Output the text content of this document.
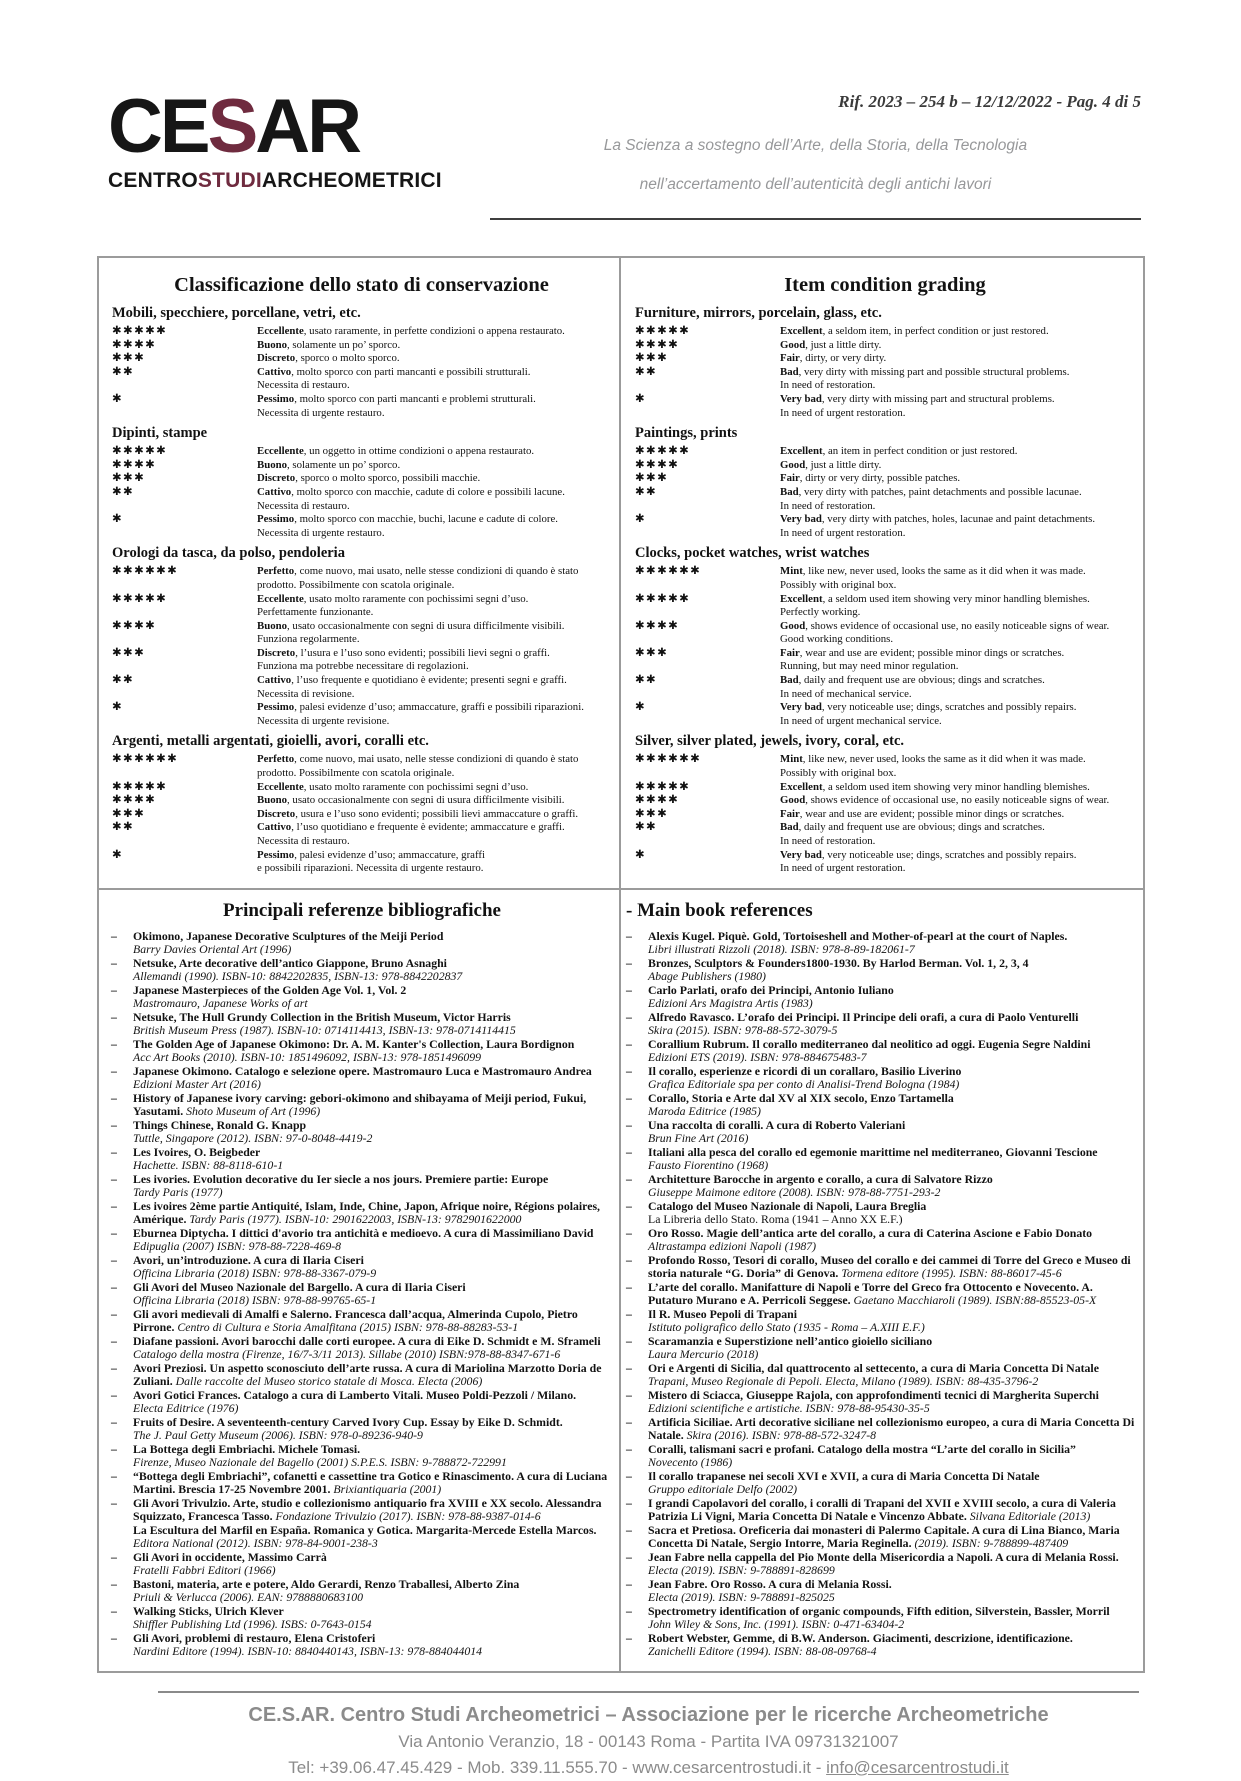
CESAR
CENTROSTUDIARCHEOMETRICI
Rif. 2023 – 254 b – 12/12/2022 - Pag. 4 di 5
La Scienza a sostegno dell’Arte, della Storia, della Tecnologia
nell’accertamento dell’autenticità degli antichi lavori
Classificazione dello stato di conservazione
Mobili, specchiere, porcellane, vetri, etc.
✱✱✱✱✱	Eccellente, usato raramente, in perfette condizioni o appena restaurato.
✱✱✱✱	Buono, solamente un po’ sporco.
✱✱✱	Discreto, sporco o molto sporco.
✱✱	Cattivo, molto sporco con parti mancanti e possibili strutturali.
Necessita di restauro.
✱	Pessimo, molto sporco con parti mancanti e problemi strutturali.
Necessita di urgente restauro.
Dipinti, stampe
✱✱✱✱✱	Eccellente, un oggetto in ottime condizioni o appena restaurato.
✱✱✱✱	Buono, solamente un po’ sporco.
✱✱✱	Discreto, sporco o molto sporco, possibili macchie.
✱✱	Cattivo, molto sporco con macchie, cadute di colore e possibili lacune.
Necessita di restauro.
✱	Pessimo, molto sporco con macchie, buchi, lacune e cadute di colore.
Necessita di urgente restauro.
Orologi da tasca, da polso, pendoleria
✱✱✱✱✱✱	Perfetto, come nuovo, mai usato, nelle stesse condizioni di quando è stato prodotto. Possibilmente con scatola originale.
✱✱✱✱✱	Eccellente, usato molto raramente con pochissimi segni d’uso.
Perfettamente funzionante.
✱✱✱✱	Buono, usato occasionalmente con segni di usura difficilmente visibili.
Funziona regolarmente.
✱✱✱	Discreto, l’usura e l’uso sono evidenti; possibili lievi segni o graffi.
Funziona ma potrebbe necessitare di regolazioni.
✱✱	Cattivo, l’uso frequente e quotidiano è evidente; presenti segni e graffi.
Necessita di revisione.
✱	Pessimo, palesi evidenze d’uso; ammaccature, graffi e possibili riparazioni.
Necessita di urgente revisione.
Argenti, metalli argentati, gioielli, avori, coralli etc.
✱✱✱✱✱✱	Perfetto, come nuovo, mai usato, nelle stesse condizioni di quando è stato prodotto. Possibilmente con scatola originale.
✱✱✱✱✱	Eccellente, usato molto raramente con pochissimi segni d’uso.
✱✱✱✱	Buono, usato occasionalmente con segni di usura difficilmente visibili.
✱✱✱	Discreto, usura e l’uso sono evidenti; possibili lievi ammaccature o graffi.
✱✱	Cattivo, l’uso quotidiano e frequente è evidente; ammaccature e graffi.
Necessita di restauro.
✱	Pessimo, palesi evidenze d’uso; ammaccature, graffi
e possibili riparazioni. Necessita di urgente restauro.
Item condition grading
Furniture, mirrors, porcelain, glass, etc.
✱✱✱✱✱	Excellent, a seldom item, in perfect condition or just restored.
✱✱✱✱	Good, just a little dirty.
✱✱✱	Fair, dirty, or very dirty.
✱✱	Bad, very dirty with missing part and possible structural problems.
In need of restoration.
✱	Very bad, very dirty with missing part and structural problems.
In need of urgent restoration.
Paintings, prints
✱✱✱✱✱	Excellent, an item in perfect condition or just restored.
✱✱✱✱	Good, just a little dirty.
✱✱✱	Fair, dirty or very dirty, possible patches.
✱✱	Bad, very dirty with patches, paint detachments and possible lacunae.
In need of restoration.
✱	Very bad, very dirty with patches, holes, lacunae and paint detachments.
In need of urgent restoration.
Clocks, pocket watches, wrist watches
✱✱✱✱✱✱	Mint, like new, never used, looks the same as it did when it was made.
Possibly with original box.
✱✱✱✱✱	Excellent, a seldom used item showing very minor handling blemishes.
Perfectly working.
✱✱✱✱	Good, shows evidence of occasional use, no easily noticeable signs of wear.
Good working conditions.
✱✱✱	Fair, wear and use are evident; possible minor dings or scratches.
Running, but may need minor regulation.
✱✱	Bad, daily and frequent use are obvious; dings and scratches.
In need of mechanical service.
✱	Very bad, very noticeable use; dings, scratches and possibly repairs.
In need of urgent mechanical service.
Silver, silver plated, jewels, ivory, coral, etc.
✱✱✱✱✱✱	Mint, like new, never used, looks the same as it did when it was made.
Possibly with original box.
✱✱✱✱✱	Excellent, a seldom used item showing very minor handling blemishes.
✱✱✱✱	Good, shows evidence of occasional use, no easily noticeable signs of wear.
✱✱✱	Fair, wear and use are evident; possible minor dings or scratches.
✱✱	Bad, daily and frequent use are obvious; dings and scratches.
In need of restoration.
✱	Very bad, very noticeable use; dings, scratches and possibly repairs.
In need of urgent restoration.
Principali referenze bibliografiche
–	Okimono, Japanese Decorative Sculptures of the Meiji Period
Barry Davies Oriental Art (1996)
–	Netsuke, Arte decorative dell’antico Giappone, Bruno Asnaghi
Allemandi (1990). ISBN-10: 8842202835, ISBN-13: 978-8842202837
–	Japanese Masterpieces of the Golden Age Vol. 1, Vol. 2
Mastromauro, Japanese Works of art
–	Netsuke, The Hull Grundy Collection in the British Museum, Victor Harris
British Museum Press (1987). ISBN-10: 0714114413, ISBN-13: 978-0714114415
–	The Golden Age of Japanese Okimono: Dr. A. M. Kanter's Collection, Laura Bordignon
Acc Art Books (2010). ISBN-10: 1851496092, ISBN-13: 978-1851496099
–	Japanese Okimono. Catalogo e selezione opere. Mastromauro Luca e Mastromauro Andrea
Edizioni Master Art (2016)
–	History of Japanese ivory carving: gebori-okimono and shibayama of Meiji period, Fukui, Yasutami. Shoto Museum of Art (1996)
–	Things Chinese, Ronald G. Knapp
Tuttle, Singapore (2012). ISBN: 97-0-8048-4419-2
–	Les Ivoires, O. Beigbeder
Hachette. ISBN: 88-8118-610-1
–	Les ivories. Evolution decorative du Ier siecle a nos jours. Premiere partie: Europe
Tardy Paris (1977)
–	Les ivoires 2ème partie Antiquité, Islam, Inde, Chine, Japon, Afrique noire, Régions polaires, Amérique. Tardy Paris (1977). ISBN-10: 2901622003, ISBN-13: 9782901622000
–	Eburnea Diptycha. I dittici d'avorio tra antichità e medioevo. A cura di Massimiliano David
Edipuglia (2007) ISBN: 978-88-7228-469-8
–	Avori, un’introduzione. A cura di Ilaria Ciseri
Officina Libraria (2018) ISBN: 978-88-3367-079-9
–	Gli Avori del Museo Nazionale del Bargello. A cura di Ilaria Ciseri
Officina Libraria (2018) ISBN: 978-88-99765-65-1
–	Gli avori medievali di Amalfi e Salerno. Francesca dall’acqua, Almerinda Cupolo, Pietro Pirrone. Centro di Cultura e Storia Amalfitana (2015) ISBN: 978-88-88283-53-1
–	Diafane passioni. Avori barocchi dalle corti europee. A cura di Eike D. Schmidt e M. Sframeli
Catalogo della mostra (Firenze, 16/7-3/11 2013). Sillabe (2010) ISBN:978-88-8347-671-6
–	Avori Preziosi. Un aspetto sconosciuto dell’arte russa. A cura di Mariolina Marzotto Doria de Zuliani. Dalle raccolte del Museo storico statale di Mosca. Electa (2006)
–	Avori Gotici Frances. Catalogo a cura di Lamberto Vitali. Museo Poldi-Pezzoli / Milano.
Electa Editrice (1976)
–	Fruits of Desire. A seventeenth-century Carved Ivory Cup. Essay by Eike D. Schmidt.
The J. Paul Getty Museum (2006). ISBN: 978-0-89236-940-9
–	La Bottega degli Embriachi. Michele Tomasi.
Firenze, Museo Nazionale del Bagello (2001) S.P.E.S. ISBN: 9-788872-722991
–	“Bottega degli Embriachi”, cofanetti e cassettine tra Gotico e Rinascimento. A cura di Luciana Martini. Brescia 17-25 Novembre 2001. Brixiantiquaria (2001)
–	Gli Avori Trivulzio. Arte, studio e collezionismo antiquario fra XVIII e XX secolo. Alessandra Squizzato, Francesca Tasso. Fondazione Trivulzio (2017). ISBN: 978-88-9387-014-6
La Escultura del Marfil en España. Romanica y Gotica. Margarita-Mercede Estella Marcos.
Editora National (2012). ISBN: 978-84-9001-238-3
–	Gli Avori in occidente, Massimo Carrà
Fratelli Fabbri Editori (1966)
–	Bastoni, materia, arte e potere, Aldo Gerardi, Renzo Traballesi, Alberto Zina
Priuli & Verlucca (2006). EAN: 9788880683100
–	Walking Sticks, Ulrich Klever
Shiffler Publishing Ltd (1996). ISBS: 0-7643-0154
–	Gli Avori, problemi di restauro, Elena Cristoferi
Nardini Editore (1994). ISBN-10: 8840440143, ISBN-13: 978-884044014
- Main book references
–	Alexis Kugel. Piquè. Gold, Tortoiseshell and Mother-of-pearl at the court of Naples.
Libri illustrati Rizzoli (2018). ISBN: 978-8-89-182061-7
–	Bronzes, Sculptors & Founders1800-1930. By Harlod Berman. Vol. 1, 2, 3, 4
Abage Publishers (1980)
–	Carlo Parlati, orafo dei Principi, Antonio Iuliano
Edizioni Ars Magistra Artis (1983)
–	Alfredo Ravasco. L’orafo dei Principi. Il Principe deli orafi, a cura di Paolo Venturelli
Skira (2015). ISBN: 978-88-572-3079-5
–	Corallium Rubrum. Il corallo mediterraneo dal neolitico ad oggi. Eugenia Segre Naldini
Edizioni ETS (2019). ISBN: 978-884675483-7
–	Il corallo, esperienze e ricordi di un corallaro, Basilio Liverino
Grafica Editoriale spa per conto di Analisi-Trend Bologna (1984)
–	Corallo, Storia e Arte dal XV al XIX secolo, Enzo Tartamella
Maroda Editrice (1985)
–	Una raccolta di coralli. A cura di Roberto Valeriani
Brun Fine Art (2016)
–	Italiani alla pesca del corallo ed egemonie marittime nel mediterraneo, Giovanni Tescione
Fausto Fiorentino (1968)
–	Architetture Barocche in argento e corallo, a cura di Salvatore Rizzo
Giuseppe Maimone editore (2008). ISBN: 978-88-7751-293-2
–	Catalogo del Museo Nazionale di Napoli, Laura Breglia
La Libreria dello Stato. Roma (1941 – Anno XX E.F.)
–	Oro Rosso. Magie dell’antica arte del corallo, a cura di Caterina Ascione e Fabio Donato
Altrastampa edizioni Napoli (1987)
–	Profondo Rosso, Tesori di corallo, Museo del corallo e dei cammei di Torre del Greco e Museo di storia naturale “G. Doria” di Genova. Tormena editore (1995). ISBN: 88-86017-45-6
–	L’arte del corallo. Manifatture di Napoli e Torre del Greco fra Ottocento e Novecento. A. Putaturo Murano e A. Perricoli Seggese. Gaetano Macchiaroli (1989). ISBN:88-85523-05-X
–	Il R. Museo Pepoli di Trapani
Istituto poligrafico dello Stato (1935 - Roma – A.XIII E.F.)
–	Scaramanzia e Superstizione nell’antico gioiello siciliano
Laura Mercurio (2018)
–	Ori e Argenti di Sicilia, dal quattrocento al settecento, a cura di Maria Concetta Di Natale
Trapani, Museo Regionale di Pepoli. Electa, Milano (1989). ISBN: 88-435-3796-2
–	Mistero di Sciacca, Giuseppe Rajola, con approfondimenti tecnici di Margherita Superchi
Edizioni scientifiche e artistiche. ISBN: 978-88-95430-35-5
–	Artificia Siciliae. Arti decorative siciliane nel collezionismo europeo, a cura di Maria Concetta Di Natale. Skira (2016). ISBN: 978-88-572-3247-8
–	Coralli, talismani sacri e profani. Catalogo della mostra “L’arte del corallo in Sicilia”
Novecento (1986)
–	Il corallo trapanese nei secoli XVI e XVII, a cura di Maria Concetta Di Natale
Gruppo editoriale Delfo (2002)
–	I grandi Capolavori del corallo, i coralli di Trapani del XVII e XVIII secolo, a cura di Valeria Patrizia Li Vigni, Maria Concetta Di Natale e Vincenzo Abbate. Silvana Editoriale (2013)
–	Sacra et Pretiosa. Oreficeria dai monasteri di Palermo Capitale. A cura di Lina Bianco, Maria Concetta Di Natale, Sergio Intorre, Maria Reginella. (2019). ISBN: 9-788899-487409
–	Jean Fabre nella cappella del Pio Monte della Misericordia a Napoli. A cura di Melania Rossi.
Electa (2019). ISBN: 9-788891-828699
–	Jean Fabre. Oro Rosso. A cura di Melania Rossi.
Electa (2019). ISBN: 9-788891-825025
–	Spectrometry identification of organic compounds, Fifth edition, Silverstein, Bassler, Morril
John Wiley & Sons, Inc. (1991). ISBN: 0-471-63404-2
–	Robert Webster, Gemme, di B.W. Anderson. Giacimenti, descrizione, identificazione.
Zanichelli Editore (1994). ISBN: 88-08-09768-4
CE.S.AR. Centro Studi Archeometrici – Associazione per le ricerche Archeometriche
Via Antonio Veranzio, 18 - 00143 Roma - Partita IVA 09731321007
Tel: +39.06.47.45.429 - Mob. 339.11.555.70 - www.cesarcentrostudi.it - info@cesarcentrostudi.it
